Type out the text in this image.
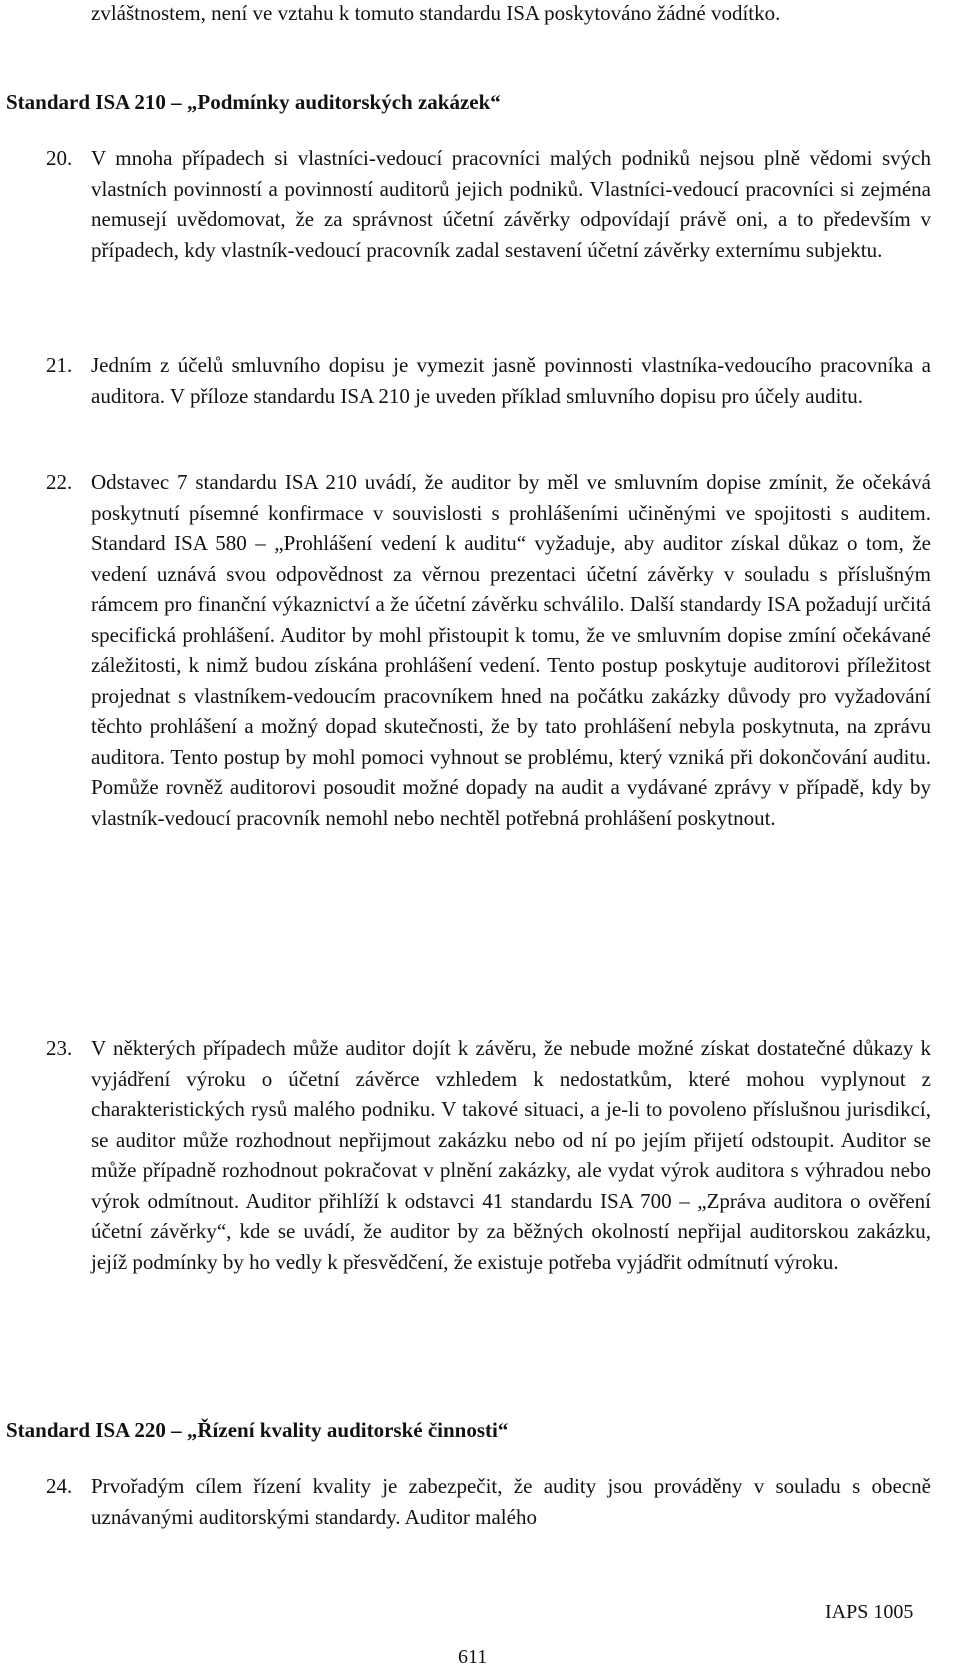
zvláštnostem, není ve vztahu k tomuto standardu ISA poskytováno žádné vodítko.

Standard ISA 210 – „Podmínky auditorských zakázek“
20. V mnoha případech si vlastníci-vedoucí pracovníci malých podniků nejsou plně vědomi svých vlastních povinností a povinností auditorů jejich podniků. Vlastníci-vedoucí pracovníci si zejména nemusejí uvědomovat, že za správnost účetní závěrky odpovídají právě oni, a to především v případech, kdy vlastník-vedoucí pracovník zadal sestavení účetní závěrky externímu subjektu.

21. Jedním z účelů smluvního dopisu je vymezit jasně povinnosti vlastníka-vedoucího pracovníka a auditora. V příloze standardu ISA 210 je uveden příklad smluvního dopisu pro účely auditu.

22. Odstavec 7 standardu ISA 210 uvádí, že auditor by měl ve smluvním dopise zmínit, že očekává poskytnutí písemné konfirmace v souvislosti s prohlášeními učiněnými ve spojitosti s auditem. Standard ISA 580 – „Prohlášení vedení k auditu“ vyžaduje, aby auditor získal důkaz o tom, že vedení uznává svou odpovědnost za věrnou prezentaci účetní závěrky v souladu s příslušným rámcem pro finanční výkaznictví a že účetní závěrku schválilo. Další standardy ISA požadují určitá specifická prohlášení. Auditor by mohl přistoupit k tomu, že ve smluvním dopise zmíní očekávané záležitosti, k nimž budou získána prohlášení vedení. Tento postup poskytuje auditorovi příležitost projednat s vlastníkem-vedoucím pracovníkem hned na počátku zakázky důvody pro vyžadování těchto prohlášení a možný dopad skutečnosti, že by tato prohlášení nebyla poskytnuta, na zprávu auditora. Tento postup by mohl pomoci vyhnout se problému, který vzniká při dokončování auditu. Pomůže rovněž auditorovi posoudit možné dopady na audit a vydávané zprávy v případě, kdy by vlastník-vedoucí pracovník nemohl nebo nechtěl potřebná prohlášení poskytnout.

23. V některých případech může auditor dojít k závěru, že nebude možné získat dostatečné důkazy k vyjádření výroku o účetní závěrce vzhledem k nedostatkům, které mohou vyplynout z charakteristických rysů malého podniku. V takové situaci, a je-li to povoleno příslušnou jurisdikcí, se auditor může rozhodnout nepřijmout zakázku nebo od ní po jejím přijetí odstoupit. Auditor se může případně rozhodnout pokračovat v plnění zakázky, ale vydat výrok auditora s výhradou nebo výrok odmítnout. Auditor přihlíží k odstavci 41 standardu ISA 700 – „Zpráva auditora o ověření účetní závěrky“, kde se uvádí, že auditor by za běžných okolností nepřijal auditorskou zakázku, jejíž podmínky by ho vedly k přesvědčení, že existuje potřeba vyjádřit odmítnutí výroku.

Standard ISA 220 – „Řízení kvality auditorské činnosti“
24. Prvořadým cílem řízení kvality je zabezpečit, že audity jsou prováděny v souladu s obecně uznávanými auditorskými standardy. Auditor malého

IAPS 1005
611
